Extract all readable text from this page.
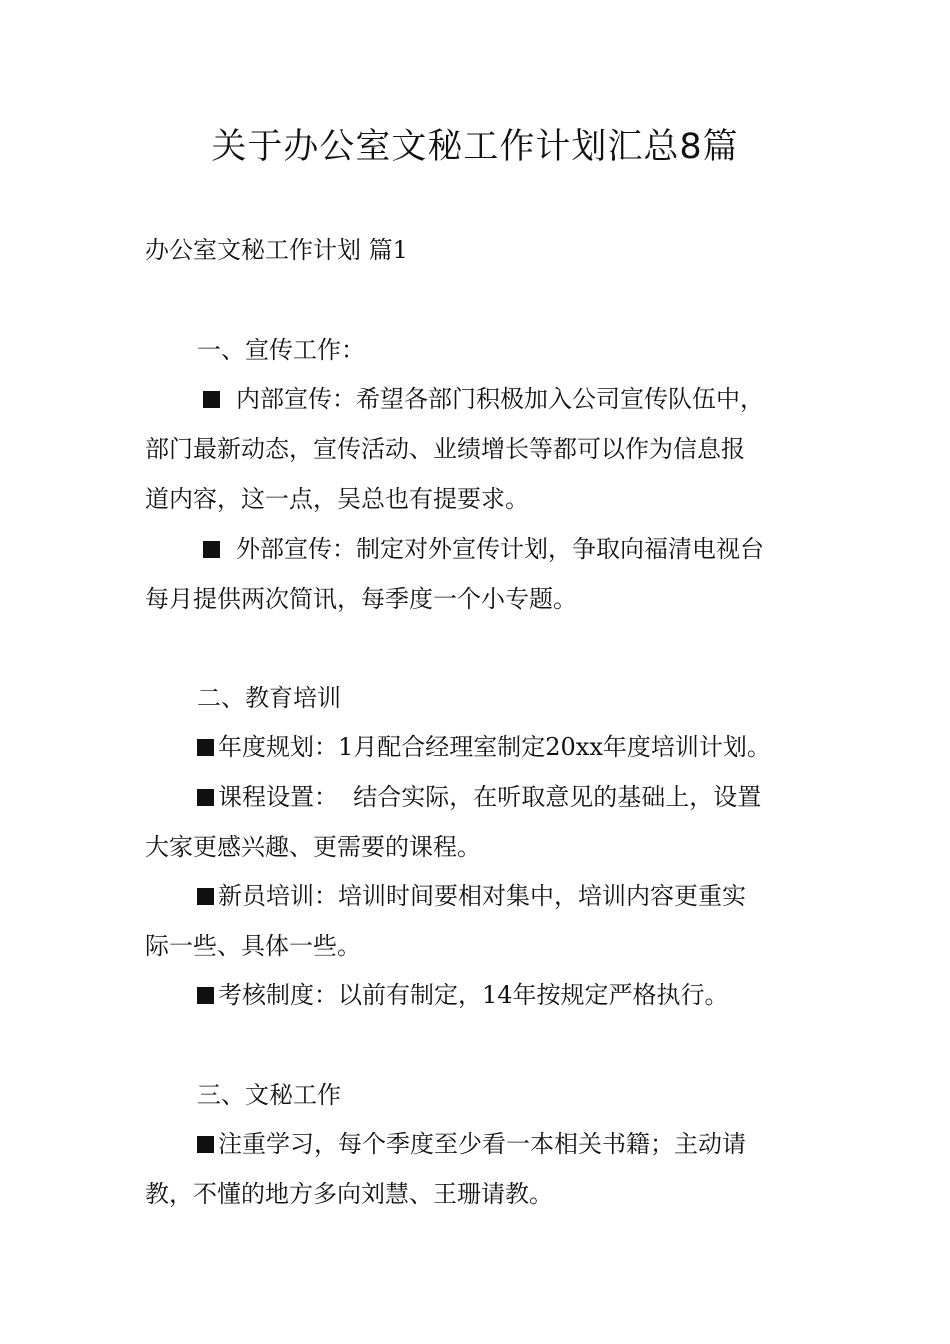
关于办公室文秘工作计划汇总8篇

办公室文秘工作计划 篇1

一、宣传工作：

内部宣传：希望各部门积极加入公司宣传队伍中，
部门最新动态，宣传活动、业绩增长等都可以作为信息报
道内容，这一点，吴总也有提要求。
外部宣传：制定对外宣传计划，争取向福清电视台
每月提供两次简讯，每季度一个小专题。

二、教育培训

年度规划：1月配合经理室制定20xx年度培训计划。
课程设置：  结合实际，在听取意见的基础上，设置
大家更感兴趣、更需要的课程。
新员培训：培训时间要相对集中，培训内容更重实
际一些、具体一些。
考核制度：以前有制定，14年按规定严格执行。

三、文秘工作

注重学习，每个季度至少看一本相关书籍；主动请
教，不懂的地方多向刘慧、王珊请教。
